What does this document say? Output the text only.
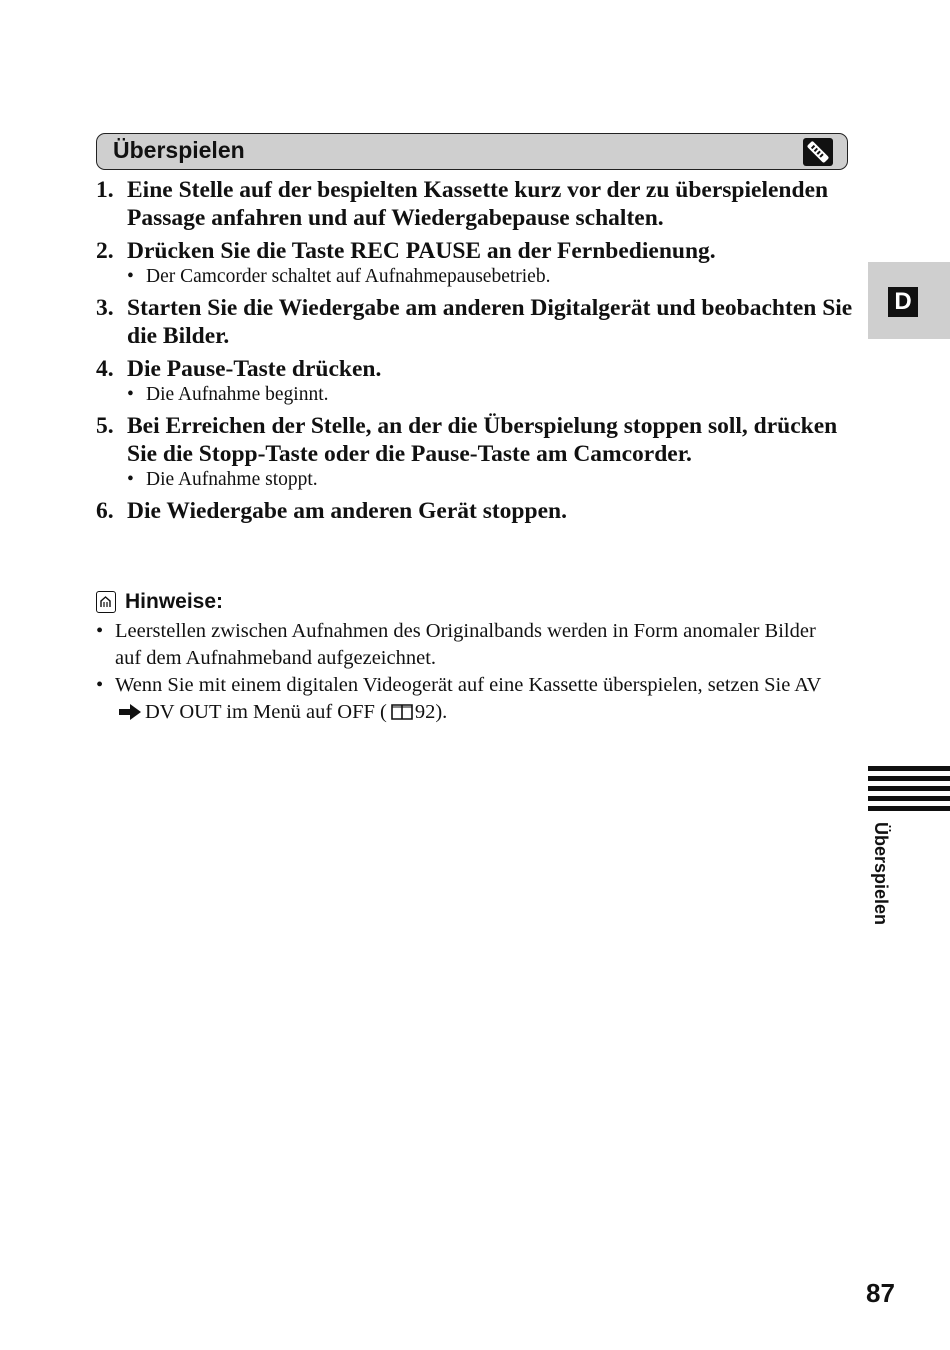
Überspielen
1. Eine Stelle auf der bespielten Kassette kurz vor der zu überspielenden Passage anfahren und auf Wiedergabepause schalten.
2. Drücken Sie die Taste REC PAUSE an der Fernbedienung.
• Der Camcorder schaltet auf Aufnahmepausebetrieb.
3. Starten Sie die Wiedergabe am anderen Digitalgerät und beobachten Sie die Bilder.
4. Die Pause-Taste drücken.
• Die Aufnahme beginnt.
5. Bei Erreichen der Stelle, an der die Überspielung stoppen soll, drücken Sie die Stopp-Taste oder die Pause-Taste am Camcorder.
• Die Aufnahme stoppt.
6. Die Wiedergabe am anderen Gerät stoppen.
Hinweise:
• Leerstellen zwischen Aufnahmen des Originalbands werden in Form anomaler Bilder auf dem Aufnahmeband aufgezeichnet.
• Wenn Sie mit einem digitalen Videogerät auf eine Kassette überspielen, setzen Sie AVDV OUT im Menü auf OFF ( 92).
D
Überspielen
87
